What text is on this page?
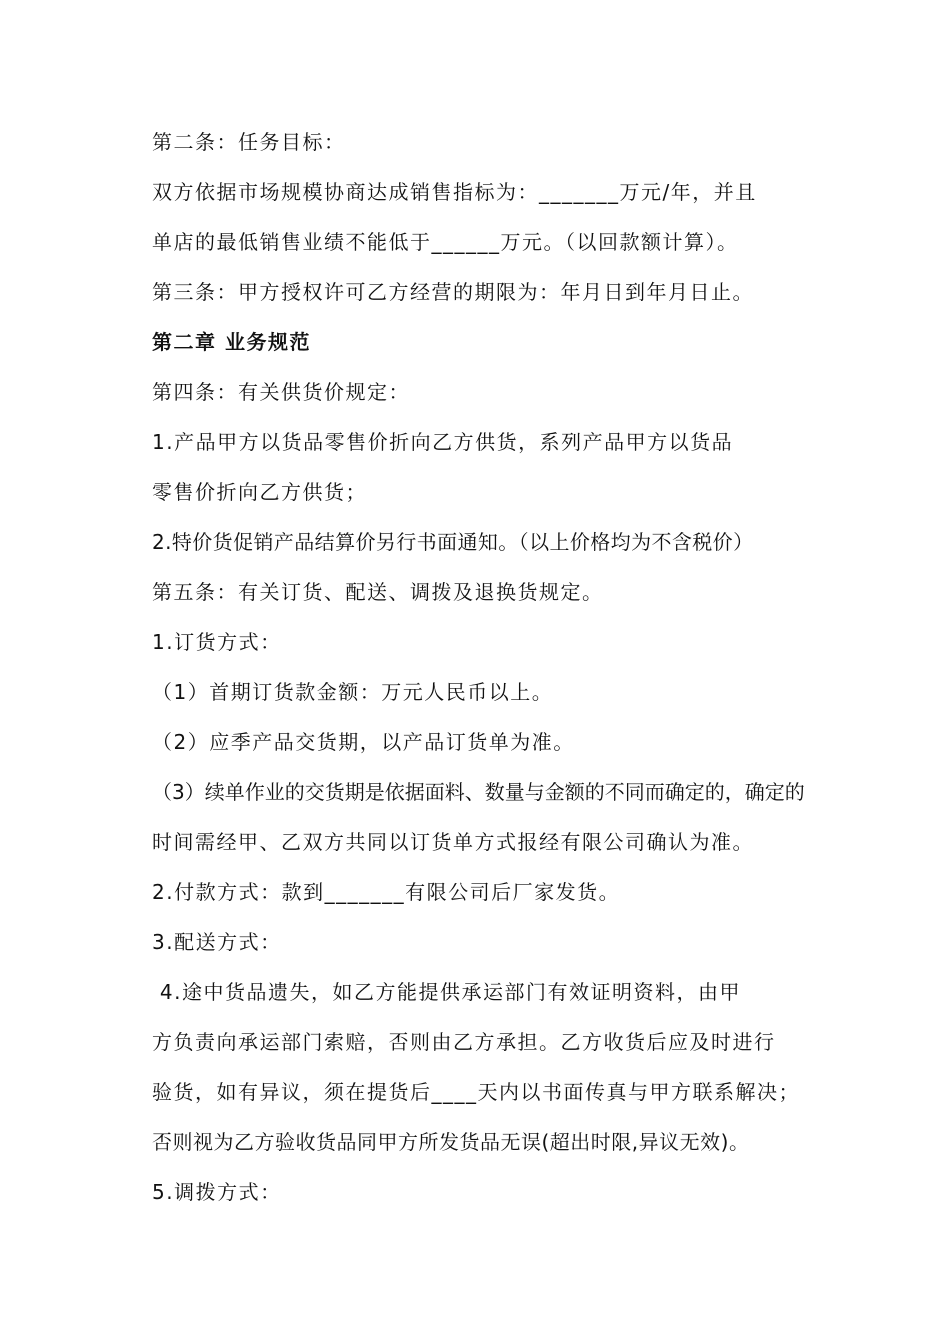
第二条：任务目标：
双方依据市场规模协商达成销售指标为：_______万元/年，并且
单店的最低销售业绩不能低于______万元。（以回款额计算）。
第三条：甲方授权许可乙方经营的期限为：年月日到年月日止。
第二章 业务规范
第四条：有关供货价规定：
1.产品甲方以货品零售价折向乙方供货，系列产品甲方以货品
零售价折向乙方供货；
2.特价货促销产品结算价另行书面通知。（以上价格均为不含税价）
第五条：有关订货、配送、调拨及退换货规定。
1.订货方式：
（1）首期订货款金额：万元人民币以上。
（2）应季产品交货期，以产品订货单为准。
（3）续单作业的交货期是依据面料、数量与金额的不同而确定的，确定的
时间需经甲、乙双方共同以订货单方式报经有限公司确认为准。
2.付款方式：款到_______有限公司后厂家发货。
3.配送方式：
4.途中货品遗失，如乙方能提供承运部门有效证明资料，由甲
方负责向承运部门索赔，否则由乙方承担。乙方收货后应及时进行
验货，如有异议，须在提货后____天内以书面传真与甲方联系解决；
否则视为乙方验收货品同甲方所发货品无误(超出时限,异议无效)。
5.调拨方式：
